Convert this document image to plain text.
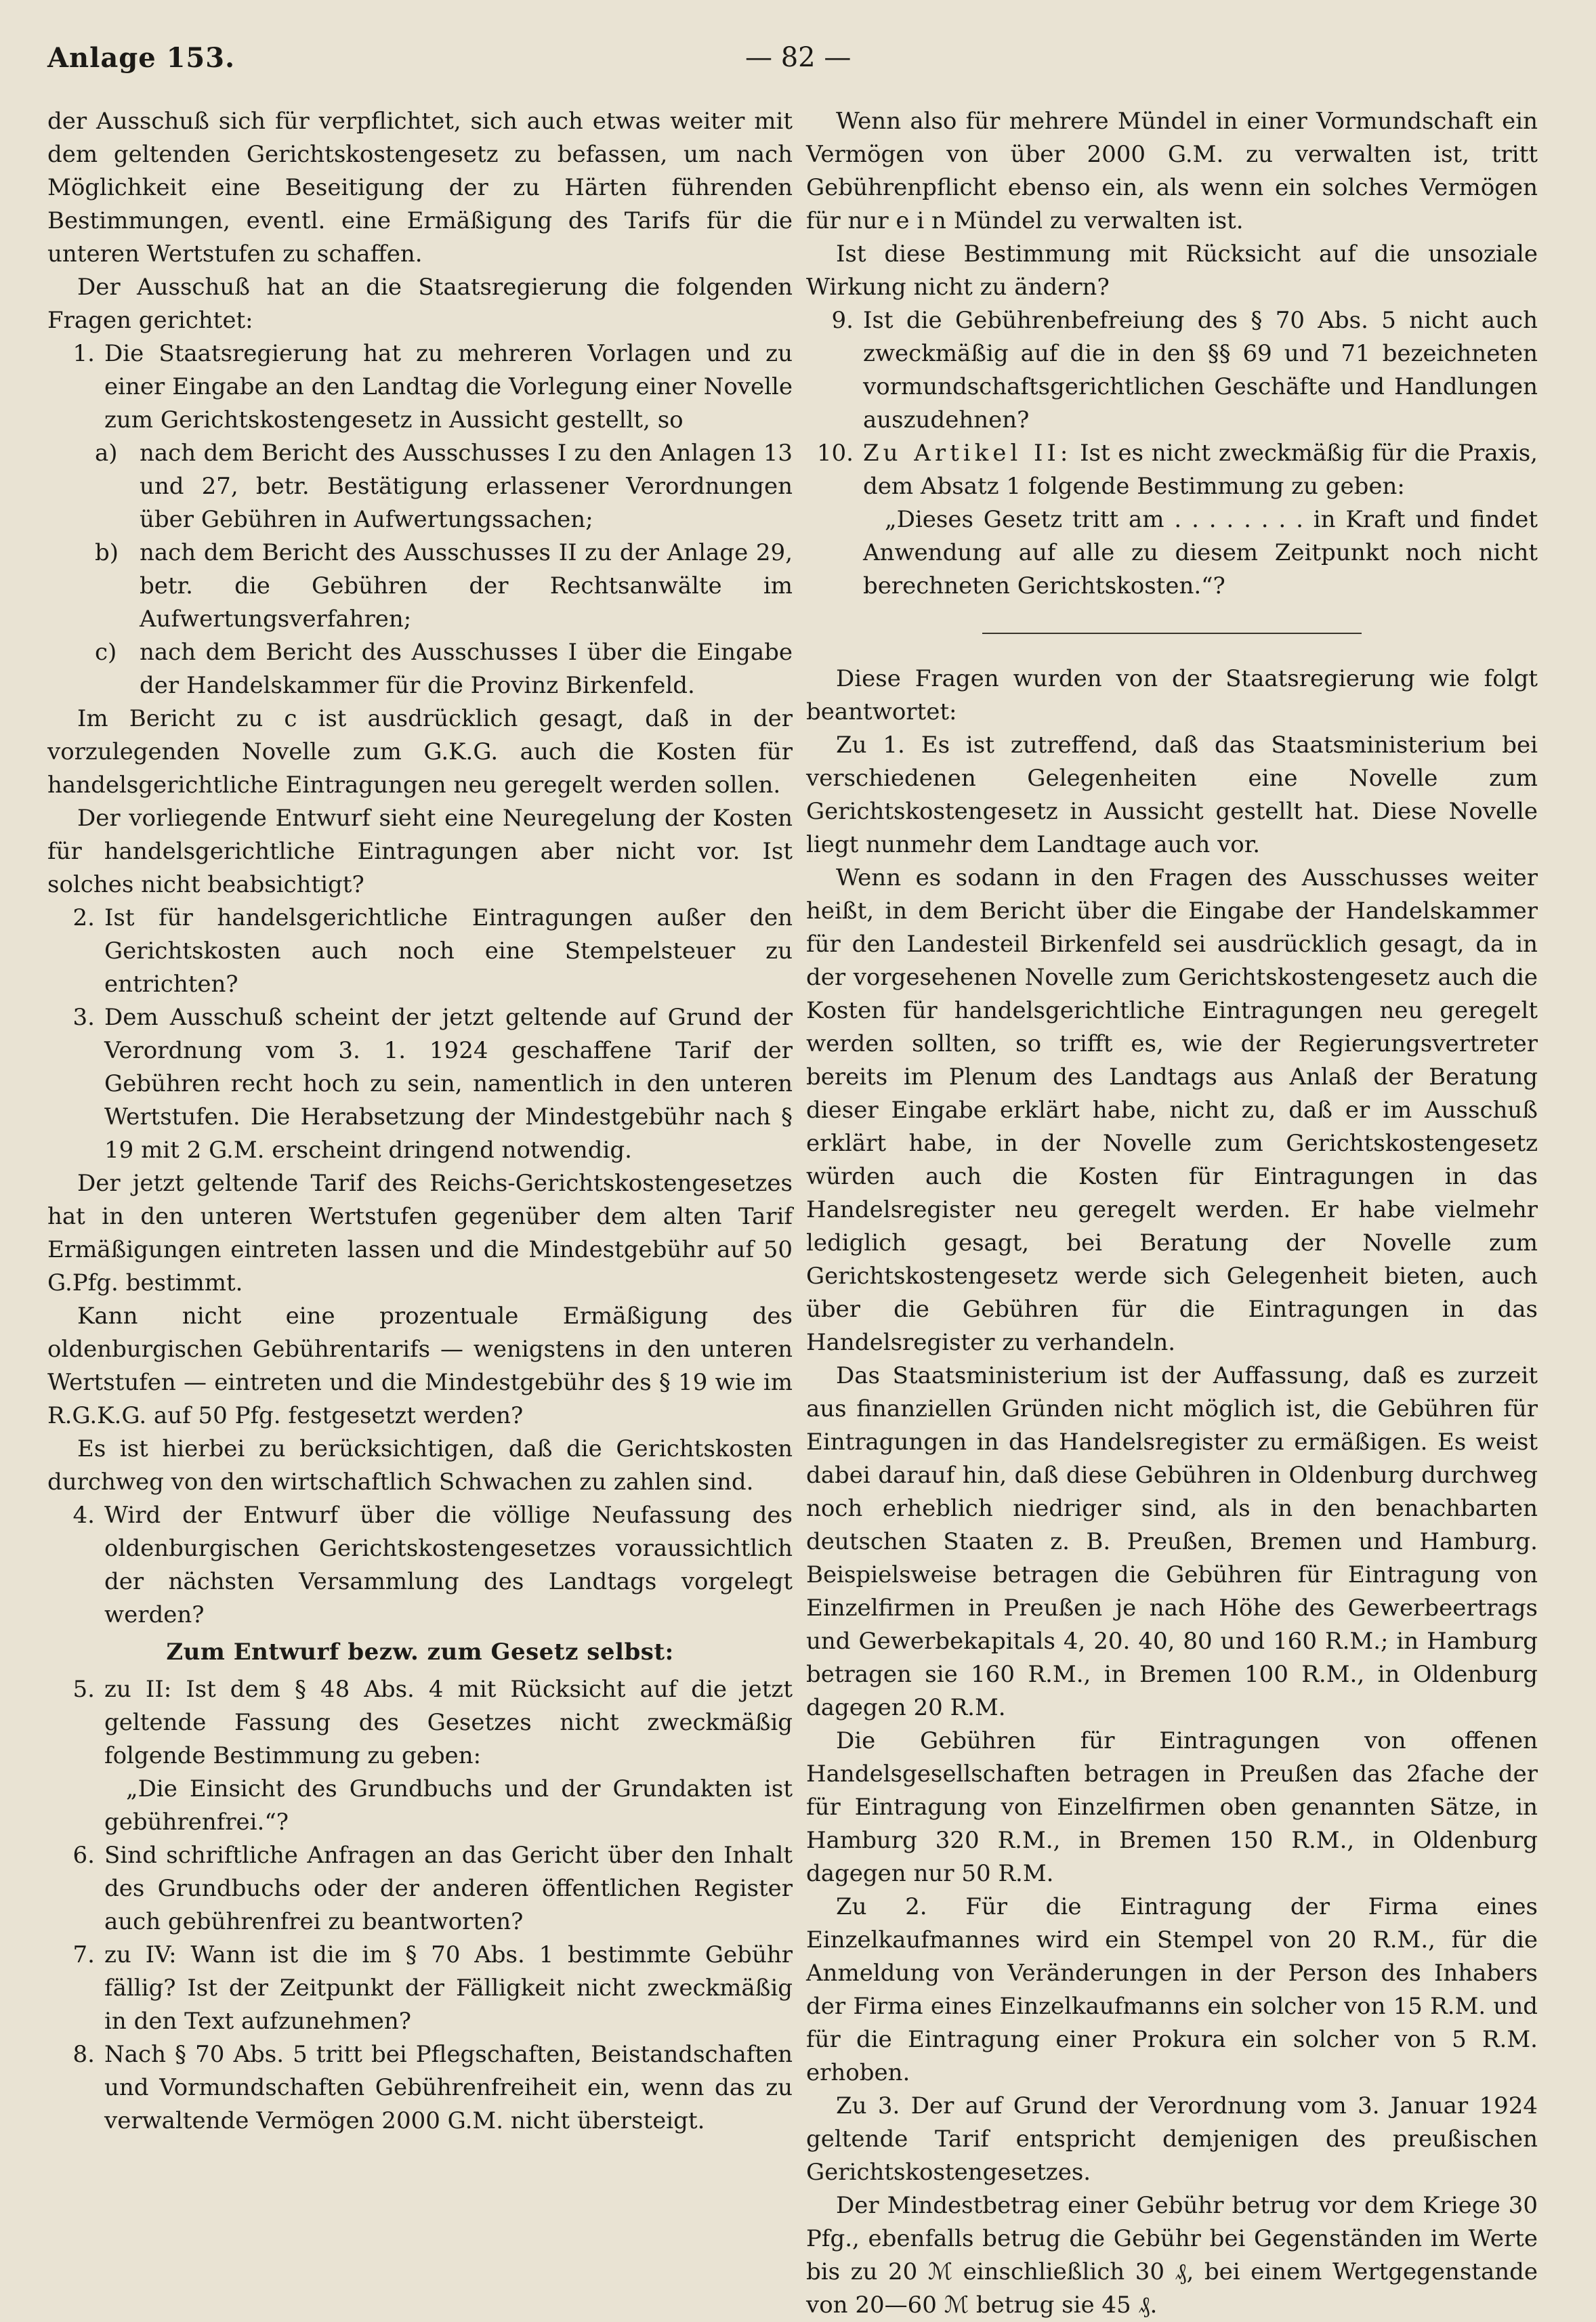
Anlage 153.	— 82 —

der Ausschuß sich für verpflichtet, sich auch etwas weiter mit dem geltenden Gerichtskostengesetz zu befassen, um nach Möglichkeit eine Beseitigung der zu Härten führenden Bestimmungen, eventl. eine Ermäßigung des Tarifs für die unteren Wertstufen zu schaffen.

Der Ausschuß hat an die Staatsregierung die folgenden Fragen gerichtet:

1. Die Staatsregierung hat zu mehreren Vorlagen und zu einer Eingabe an den Landtag die Vorlegung einer Novelle zum Gerichtskostengesetz in Aussicht gestellt, so
a) nach dem Bericht des Ausschusses I zu den Anlagen 13 und 27, betr. Bestätigung erlassener Verordnungen über Gebühren in Aufwertungssachen;
b) nach dem Bericht des Ausschusses II zu der Anlage 29, betr. die Gebühren der Rechtsanwälte im Aufwertungsverfahren;
c) nach dem Bericht des Ausschusses I über die Eingabe der Handelskammer für die Provinz Birkenfeld.

Im Bericht zu c ist ausdrücklich gesagt, daß in der vorzulegenden Novelle zum G.K.G. auch die Kosten für handelsgerichtliche Eintragungen neu geregelt werden sollen.

Der vorliegende Entwurf sieht eine Neuregelung der Kosten für handelsgerichtliche Eintragungen aber nicht vor. Ist solches nicht beabsichtigt?

2. Ist für handelsgerichtliche Eintragungen außer den Gerichtskosten auch noch eine Stempelsteuer zu entrichten?
3. Dem Ausschuß scheint der jetzt geltende auf Grund der Verordnung vom 3. 1. 1924 geschaffene Tarif der Gebühren recht hoch zu sein, namentlich in den unteren Wertstufen. Die Herabsetzung der Mindestgebühr nach § 19 mit 2 G.M. erscheint dringend notwendig.

Der jetzt geltende Tarif des Reichs-Gerichtskostengesetzes hat in den unteren Wertstufen gegenüber dem alten Tarif Ermäßigungen eintreten lassen und die Mindestgebühr auf 50 G.Pfg. bestimmt.

Kann nicht eine prozentuale Ermäßigung des oldenburgischen Gebührentarifs — wenigstens in den unteren Wertstufen — eintreten und die Mindestgebühr des § 19 wie im R.G.K.G. auf 50 Pfg. festgesetzt werden?

Es ist hierbei zu berücksichtigen, daß die Gerichtskosten durchweg von den wirtschaftlich Schwachen zu zahlen sind.

4. Wird der Entwurf über die völlige Neufassung des oldenburgischen Gerichtskostengesetzes voraussichtlich der nächsten Versammlung des Landtags vorgelegt werden?

Zum Entwurf bezw. zum Gesetz selbst:

5. zu II: Ist dem § 48 Abs. 4 mit Rücksicht auf die jetzt geltende Fassung des Gesetzes nicht zweckmäßig folgende Bestimmung zu geben:
„Die Einsicht des Grundbuchs und der Grundakten ist gebührenfrei.“?
6. Sind schriftliche Anfragen an das Gericht über den Inhalt des Grundbuchs oder der anderen öffentlichen Register auch gebührenfrei zu beantworten?
7. zu IV: Wann ist die im § 70 Abs. 1 bestimmte Gebühr fällig? Ist der Zeitpunkt der Fälligkeit nicht zweckmäßig in den Text aufzunehmen?
8. Nach § 70 Abs. 5 tritt bei Pflegschaften, Beistandschaften und Vormundschaften Gebührenfreiheit ein, wenn das zu verwaltende Vermögen 2000 G.M. nicht übersteigt.

Wenn also für mehrere Mündel in einer Vormundschaft ein Vermögen von über 2000 G.M. zu verwalten ist, tritt Gebührenpflicht ebenso ein, als wenn ein solches Vermögen für nur e i n Mündel zu verwalten ist.

Ist diese Bestimmung mit Rücksicht auf die unsoziale Wirkung nicht zu ändern?

9. Ist die Gebührenbefreiung des § 70 Abs. 5 nicht auch zweckmäßig auf die in den §§ 69 und 71 bezeichneten vormundschaftsgerichtlichen Geschäfte und Handlungen auszudehnen?
10. Zu Artikel II: Ist es nicht zweckmäßig für die Praxis, dem Absatz 1 folgende Bestimmung zu geben:
„Dieses Gesetz tritt am . . . . . . . . in Kraft und findet Anwendung auf alle zu diesem Zeitpunkt noch nicht berechneten Gerichtskosten.“?

Diese Fragen wurden von der Staatsregierung wie folgt beantwortet:

Zu 1. Es ist zutreffend, daß das Staatsministerium bei verschiedenen Gelegenheiten eine Novelle zum Gerichtskostengesetz in Aussicht gestellt hat. Diese Novelle liegt nunmehr dem Landtage auch vor.

Wenn es sodann in den Fragen des Ausschusses weiter heißt, in dem Bericht über die Eingabe der Handelskammer für den Landesteil Birkenfeld sei ausdrücklich gesagt, da in der vorgesehenen Novelle zum Gerichtskostengesetz auch die Kosten für handelsgerichtliche Eintragungen neu geregelt werden sollten, so trifft es, wie der Regierungsvertreter bereits im Plenum des Landtags aus Anlaß der Beratung dieser Eingabe erklärt habe, nicht zu, daß er im Ausschuß erklärt habe, in der Novelle zum Gerichtskostengesetz würden auch die Kosten für Eintragungen in das Handelsregister neu geregelt werden. Er habe vielmehr lediglich gesagt, bei Beratung der Novelle zum Gerichtskostengesetz werde sich Gelegenheit bieten, auch über die Gebühren für die Eintragungen in das Handelsregister zu verhandeln.

Das Staatsministerium ist der Auffassung, daß es zurzeit aus finanziellen Gründen nicht möglich ist, die Gebühren für Eintragungen in das Handelsregister zu ermäßigen. Es weist dabei darauf hin, daß diese Gebühren in Oldenburg durchweg noch erheblich niedriger sind, als in den benachbarten deutschen Staaten z. B. Preußen, Bremen und Hamburg. Beispielsweise betragen die Gebühren für Eintragung von Einzelfirmen in Preußen je nach Höhe des Gewerbeertrags und Gewerbekapitals 4, 20. 40, 80 und 160 R.M.; in Hamburg betragen sie 160 R.M., in Bremen 100 R.M., in Oldenburg dagegen 20 R.M.

Die Gebühren für Eintragungen von offenen Handelsgesellschaften betragen in Preußen das 2fache der für Eintragung von Einzelfirmen oben genannten Sätze, in Hamburg 320 R.M., in Bremen 150 R.M., in Oldenburg dagegen nur 50 R.M.

Zu 2. Für die Eintragung der Firma eines Einzelkaufmannes wird ein Stempel von 20 R.M., für die Anmeldung von Veränderungen in der Person des Inhabers der Firma eines Einzelkaufmanns ein solcher von 15 R.M. und für die Eintragung einer Prokura ein solcher von 5 R.M. erhoben.

Zu 3. Der auf Grund der Verordnung vom 3. Januar 1924 geltende Tarif entspricht demjenigen des preußischen Gerichtskostengesetzes.

Der Mindestbetrag einer Gebühr betrug vor dem Kriege 30 Pfg., ebenfalls betrug die Gebühr bei Gegenständen im Werte bis zu 20 ℳ einschließlich 30 ₰, bei einem Wertgegenstande von 20—60 ℳ betrug sie 45 ₰.
